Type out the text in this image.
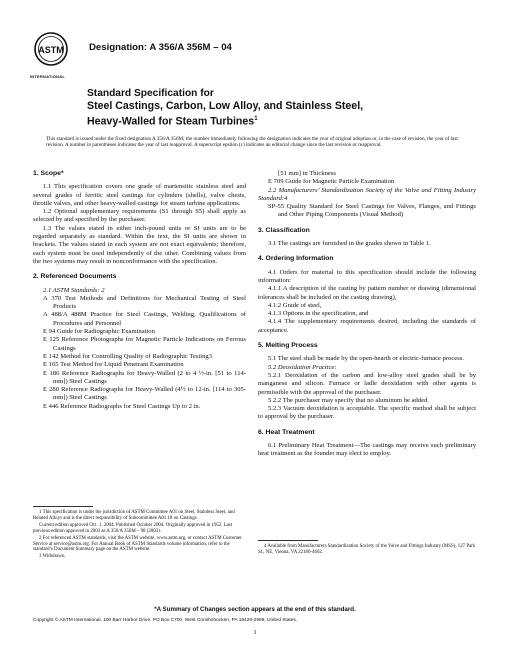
ASTM
INTERNATIONAL
Designation: A 356/A 356M – 04
Standard Specification for
Steel Castings, Carbon, Low Alloy, and Stainless Steel,
Heavy-Walled for Steam Turbines$^1$
This standard is issued under the fixed designation A 356/A 356M; the number immediately following the designation indicates the year of original adoption or, in the case of revision, the year of last revision. A number in parentheses indicates the year of last reapproval. A superscript epsilon (ε) indicates an editorial change since the last revision or reapproval.

1. Scope*

1.1 This specification covers one grade of martensitic stainless steel and several grades of ferritic steel castings for cylinders (shells), valve chests, throttle valves, and other heavy-walled castings for steam turbine applications.

1.2 Optional supplementary requirements (S1 through S5) shall apply as selected by and specified by the purchaser.

1.3 The values stated in either inch-pound units or SI units are to be regarded separately as standard. Within the text, the SI units are shown in brackets. The values stated in each system are not exact equivalents; therefore, each system must be used independently of the other. Combining values from the two systems may result in nonconformance with the specification.

2. Referenced Documents

2.1 ASTM Standards: 2

A 370 Test Methods and Definitions for Mechanical Testing of Steel Products

A 488/A 488M Practice for Steel Castings, Welding, Qualifications of Procedures and Personnel

E 94 Guide for Radiographic Examination

E 125 Reference Photographs for Magnetic Particle Indications on Ferrous Castings

E 142 Method for Controlling Quality of Radiographic Testing3

E 165 Test Method for Liquid Penetrant Examination

E 186 Reference Radiographs for Heavy-Walled (2 to 4 ½-in. [51 to 114-mm]) Steel Castings

E 280 Reference Radiographs for Heavy-Walled (4½ to 12-in. [114 to 305-mm]) Steel Castings

E 446 Reference Radiographs for Steel Castings Up to 2 in.

[51 mm] in Thickness

E 709 Guide for Magnetic Particle Examination

2.2 Manufacturers’ Standardization Society of the Valve and Fitting Industry Standard:4

SP-55 Quality Standard for Steel Castings for Valves, Flanges, and Fittings and Other Piping Components (Visual Method)

3. Classification

3.1 The castings are furnished in the grades shown in Table 1.

4. Ordering Information

4.1 Orders for material to this specification should include the following information:

4.1.1 A description of the casting by pattern number or drawing (dimensional tolerances shall be included on the casting drawing),

4.1.2 Grade of steel,

4.1.3 Options in the specification, and

4.1.4 The supplementary requirements desired, including the standards of acceptance.

5. Melting Process

5.1 The steel shall be made by the open-hearth or electric-furnace process.

5.2 Deoxidation Practice:

5.2.1 Deoxidation of the carbon and low-alloy steel grades shall be by manganese and silicon. Furnace or ladle deoxidation with other agents is permissible with the approval of the purchaser.

5.2.2 The purchaser may specify that no aluminum be added.

5.2.3 Vacuum deoxidation is acceptable. The specific method shall be subject to approval by the purchaser.

6. Heat Treatment

6.1 Preliminary Heat Treatment—The castings may receive such preliminary heat treatment as the founder may elect to employ.

1 This specification is under the jurisdiction of ASTM Committee A01 on Steel, Stainless Steel, and Related Alloys and is the direct responsibility of Subcommittee A01.18 on Castings.

Current edition approved Oct. 1, 2004. Published October 2004. Originally approved in 1952. Last previous edition approved in 2003 as A 356/A 356M – 98 (2003).

2 For referenced ASTM standards, visit the ASTM website, www.astm.org, or contact ASTM Customer Service at service@astm.org. For Annual Book of ASTM Standards volume information, refer to the standard’s Document Summary page on the ASTM website.

3 Withdrawn.

4 Available from Manufacturers Standardization Society of the Valve and Fittings Industry (MSS), 127 Park St., NE, Vienna, VA 22180-4602.

*A Summary of Changes section appears at the end of this standard.
Copyright © ASTM International, 100 Barr Harbor Drive, PO Box C700, West Conshohocken, PA 19428-2959, United States.
1
